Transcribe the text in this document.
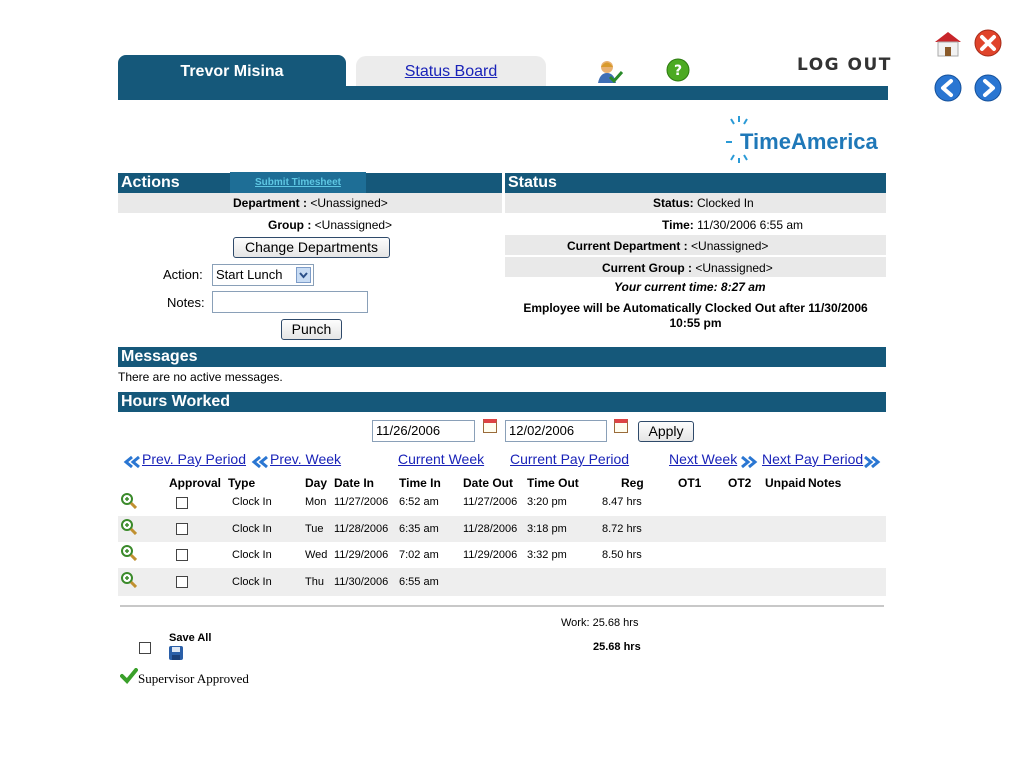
Trevor Misina	Status Board	?	LOG OUT
TimeAmerica
Actions	Submit Timesheet
Department : <Unassigned>
Group : <Unassigned>
Change Departments
Action:	Start Lunch
Notes:
Punch
Status
Status: Clocked In
Time: 11/30/2006 6:55 am
Current Department : <Unassigned>
Current Group : <Unassigned>
Your current time: 8:27 am
Employee will be Automatically Clocked Out after 11/30/2006
10:55 pm
Messages
There are no active messages.
Hours Worked
11/26/2006	12/02/2006	Apply
Prev. Pay Period Prev. Week	Current Week Current Pay Period	Next Week Next Pay Period
Approval Type	Day Date In Time In Date Out Time Out	Reg	OT1 OT2 Unpaid Notes
Clock In	Mon 11/27/2006 6:52 am 11/27/2006 3:20 pm	8.47 hrs
Clock In	Tue 11/28/2006 6:35 am 11/28/2006 3:18 pm	8.72 hrs
Clock In	Wed 11/29/2006 7:02 am 11/29/2006 3:32 pm	8.50 hrs
Clock In	Thu 11/30/2006 6:55 am
Work: 25.68 hrs
25.68 hrs
Save All
Supervisor Approved
